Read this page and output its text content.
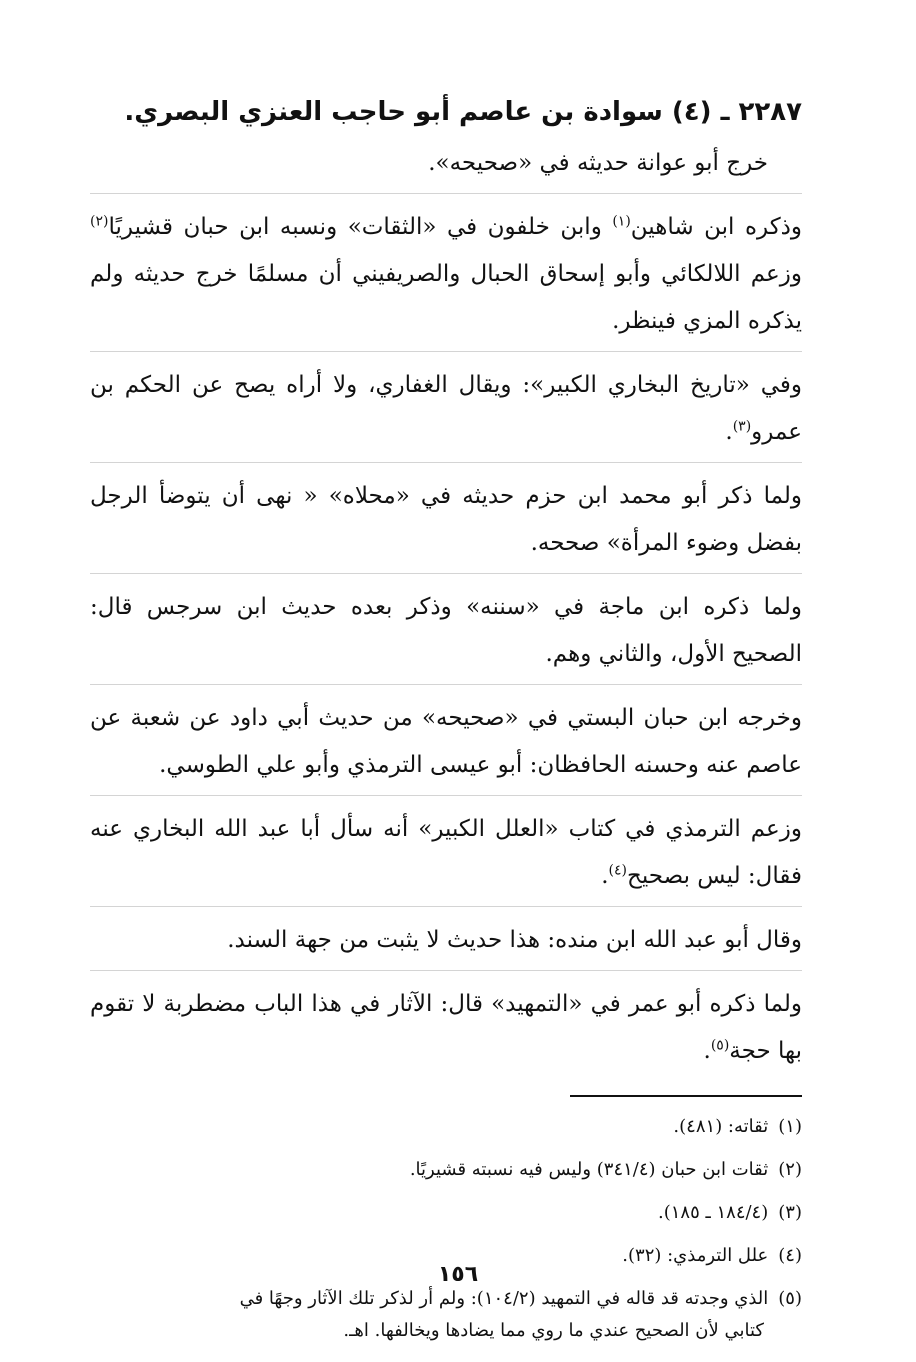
٢٢٨٧ ـ (٤) سوادة بن عاصم أبو حاجب العنزي البصري.
خرج أبو عوانة حديثه في «صحيحه».
وذكره ابن شاهين$^{(١)}$ وابن خلفون في «الثقات» ونسبه ابن حبان قشيريًا$^{(٢)}$ وزعم اللالكائي وأبو إسحاق الحبال والصريفيني أن مسلمًا خرج حديثه ولم يذكره المزي فينظر.
وفي «تاريخ البخاري الكبير»: ويقال الغفاري، ولا أراه يصح عن الحكم بن عمرو$^{(٣)}$.
ولما ذكر أبو محمد ابن حزم حديثه في «محلاه» « نهى أن يتوضأ الرجل بفضل وضوء المرأة» صححه.
ولما ذكره ابن ماجة في «سننه» وذكر بعده حديث ابن سرجس قال: الصحيح الأول، والثاني وهم.
وخرجه ابن حبان البستي في «صحيحه» من حديث أبي داود عن شعبة عن عاصم عنه وحسنه الحافظان: أبو عيسى الترمذي وأبو علي الطوسي.
وزعم الترمذي في كتاب «العلل الكبير» أنه سأل أبا عبد الله البخاري عنه فقال: ليس بصحيح$^{(٤)}$.
وقال أبو عبد الله ابن منده: هذا حديث لا يثبت من جهة السند.
ولما ذكره أبو عمر في «التمهيد» قال: الآثار في هذا الباب مضطربة لا تقوم بها حجة$^{(٥)}$.
(١)ثقاته: (٤٨١).
(٢)ثقات ابن حبان (٣٤١/٤) وليس فيه نسبته قشيريًا.
(٣)(١٨٤/٤ ـ ١٨٥).
(٤)علل الترمذي: (٣٢).
(٥)الذي وجدته قد قاله في التمهيد (١٠٤/٢): ولم أر لذكر تلك الآثار وجهًا في
كتابي لأن الصحيح عندي ما روي مما يضادها ويخالفها. اهـ.
١٥٦
